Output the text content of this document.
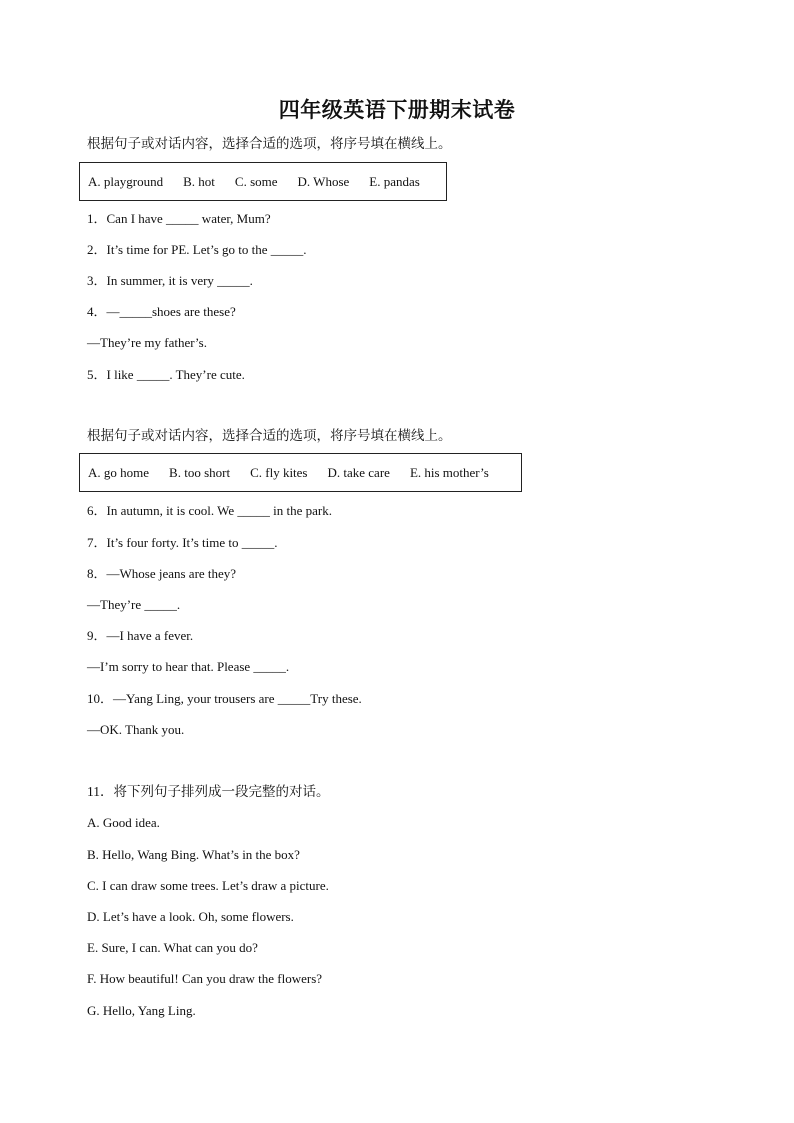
四年级英语下册期末试卷
根据句子或对话内容，选择合适的选项，将序号填在横线上。
A. playground B. hot C. some D. Whose E. pandas
1．Can I have _____ water, Mum?
2．It’s time for PE. Let’s go to the _____.
3．In summer, it is very _____.
4．—_____shoes are these?
—They’re my father’s.
5．I like _____. They’re cute.
根据句子或对话内容，选择合适的选项，将序号填在横线上。
A. go home B. too short C. fly kites D. take care E. his mother’s
6．In autumn, it is cool. We _____ in the park.
7．It’s four forty. It’s time to _____.
8．—Whose jeans are they?
—They’re _____.
9．—I have a fever.
—I’m sorry to hear that. Please _____.
10．—Yang Ling, your trousers are _____Try these.
—OK. Thank you.
11．将下列句子排列成一段完整的对话。
A. Good idea.
B. Hello, Wang Bing. What’s in the box?
C. I can draw some trees. Let’s draw a picture.
D. Let’s have a look. Oh, some flowers.
E. Sure, I can. What can you do?
F. How beautiful! Can you draw the flowers?
G. Hello, Yang Ling.
